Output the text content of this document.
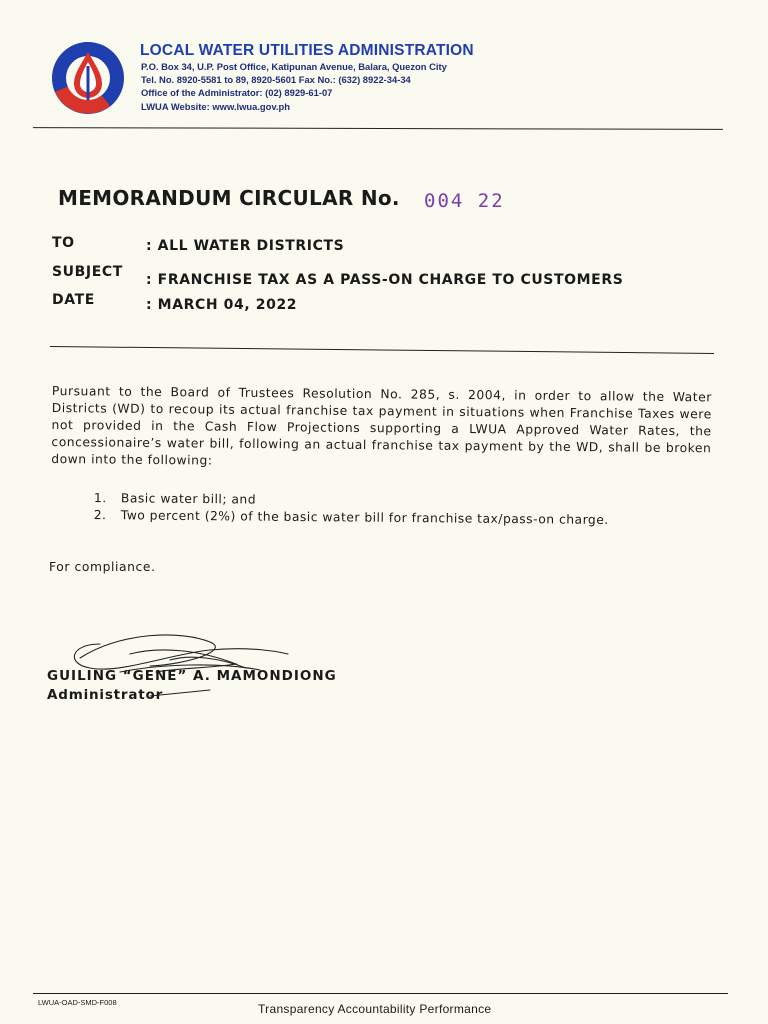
LOCAL WATER UTILITIES ADMINISTRATION
P.O. Box 34, U.P. Post Office, Katipunan Avenue, Balara, Quezon City
Tel. No. 8920-5581 to 89, 8920-5601 Fax No.: (632) 8922-34-34
Office of the Administrator: (02) 8929-61-07
LWUA Website: www.lwua.gov.ph
MEMORANDUM CIRCULAR No. 004 22
TO	: ALL WATER DISTRICTS
SUBJECT : FRANCHISE TAX AS A PASS-ON CHARGE TO CUSTOMERS
DATE	: MARCH 04, 2022
Pursuant to the Board of Trustees Resolution No. 285, s. 2004, in order to allow the Water Districts (WD) to recoup its actual franchise tax payment in situations when Franchise Taxes were not provided in the Cash Flow Projections supporting a LWUA Approved Water Rates, the concessionaire’s water bill, following an actual franchise tax payment by the WD, shall be broken down into the following:
1. Basic water bill; and
2. Two percent (2%) of the basic water bill for franchise tax/pass-on charge.
For compliance.
GUILING “GENE” A. MAMONDIONG
Administrator
LWUA-OAD-SMD-F008	Transparency Accountability Performance
